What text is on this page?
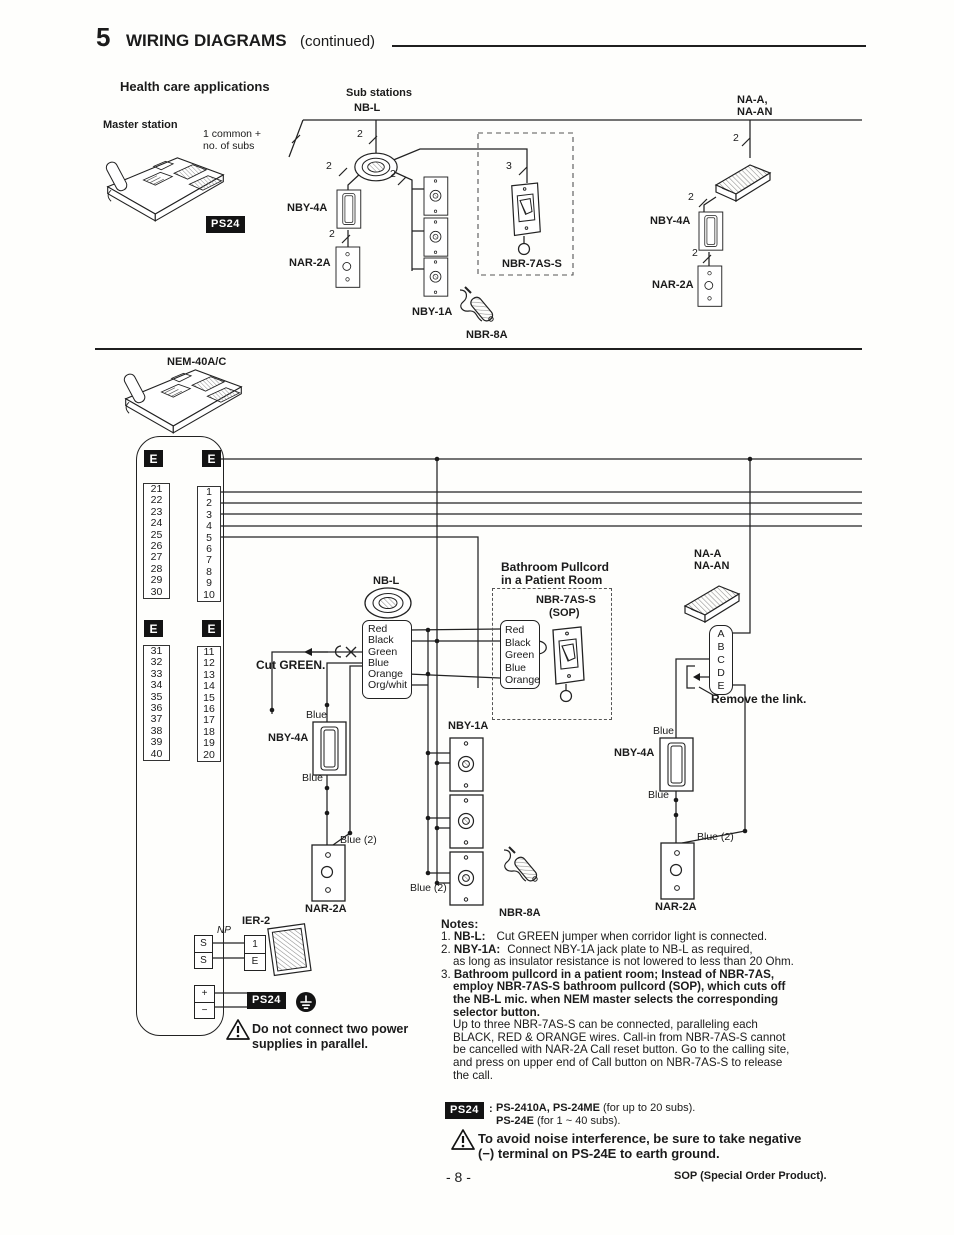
5 WIRING DIAGRAMS (continued)
Health care applications	Sub stations
NB-L
Master station
1 common +
no. of subs
PS24
2
2
2
2
3
2
2
2
NBY-4A
NAR-2A
NBY-1A
NBR-7AS-S
NBR-8A
NA-A,
NA-AN
NBY-4A
NAR-2A
NEM-40A/C
E	E
E	E
21
22
23
24
25
26
27
28
29
30
1
2
3
4
5
6
7
8
9
10
31
32
33
34
35
36
37
38
39
40
11
12
13
14
15
16
17
18
19
20
NB-L
Red
Black
Green
Blue
Orange
Org/whit
Cut GREEN.
Bathroom Pullcord
in a Patient Room
NBR-7AS-S
(SOP)
Red
Black
Green
Blue
Orange
NA-A
NA-AN
A
B
C
D
E
Remove the link.
Blue
NBY-4A
Blue
Blue (2)
NAR-2A
NBY-1A
Blue (2)
NBR-8A
Blue
NBY-4A
Blue
Blue (2)
NAR-2A
IER-2
NP
S
S
1
E
+
−
PS24
Do not connect two power
supplies in parallel.
Notes:
1. NB-L: Cut GREEN jumper when corridor light is connected.
2. NBY-1A: Connect NBY-1A jack plate to NB-L as required,
as long as insulator resistance is not lowered to less than 20 Ohm.
3. Bathroom pullcord in a patient room; Instead of NBR-7AS,
employ NBR-7AS-S bathroom pullcord (SOP), which cuts off
the NB-L mic. when NEM master selects the corresponding
selector button.
Up to three NBR-7AS-S can be connected, paralleling each
BLACK, RED & ORANGE wires. Call-in from NBR-7AS-S cannot
be cancelled with NAR-2A Call reset button. Go to the calling site,
and press on upper end of Call button on NBR-7AS-S to release
the call.
PS24 : PS-2410A, PS-24ME (for up to 20 subs).
PS-24E (for 1 ~ 40 subs).
To avoid noise interference, be sure to take negative
(−) terminal on PS-24E to earth ground.
- 8 -	SOP (Special Order Product).
